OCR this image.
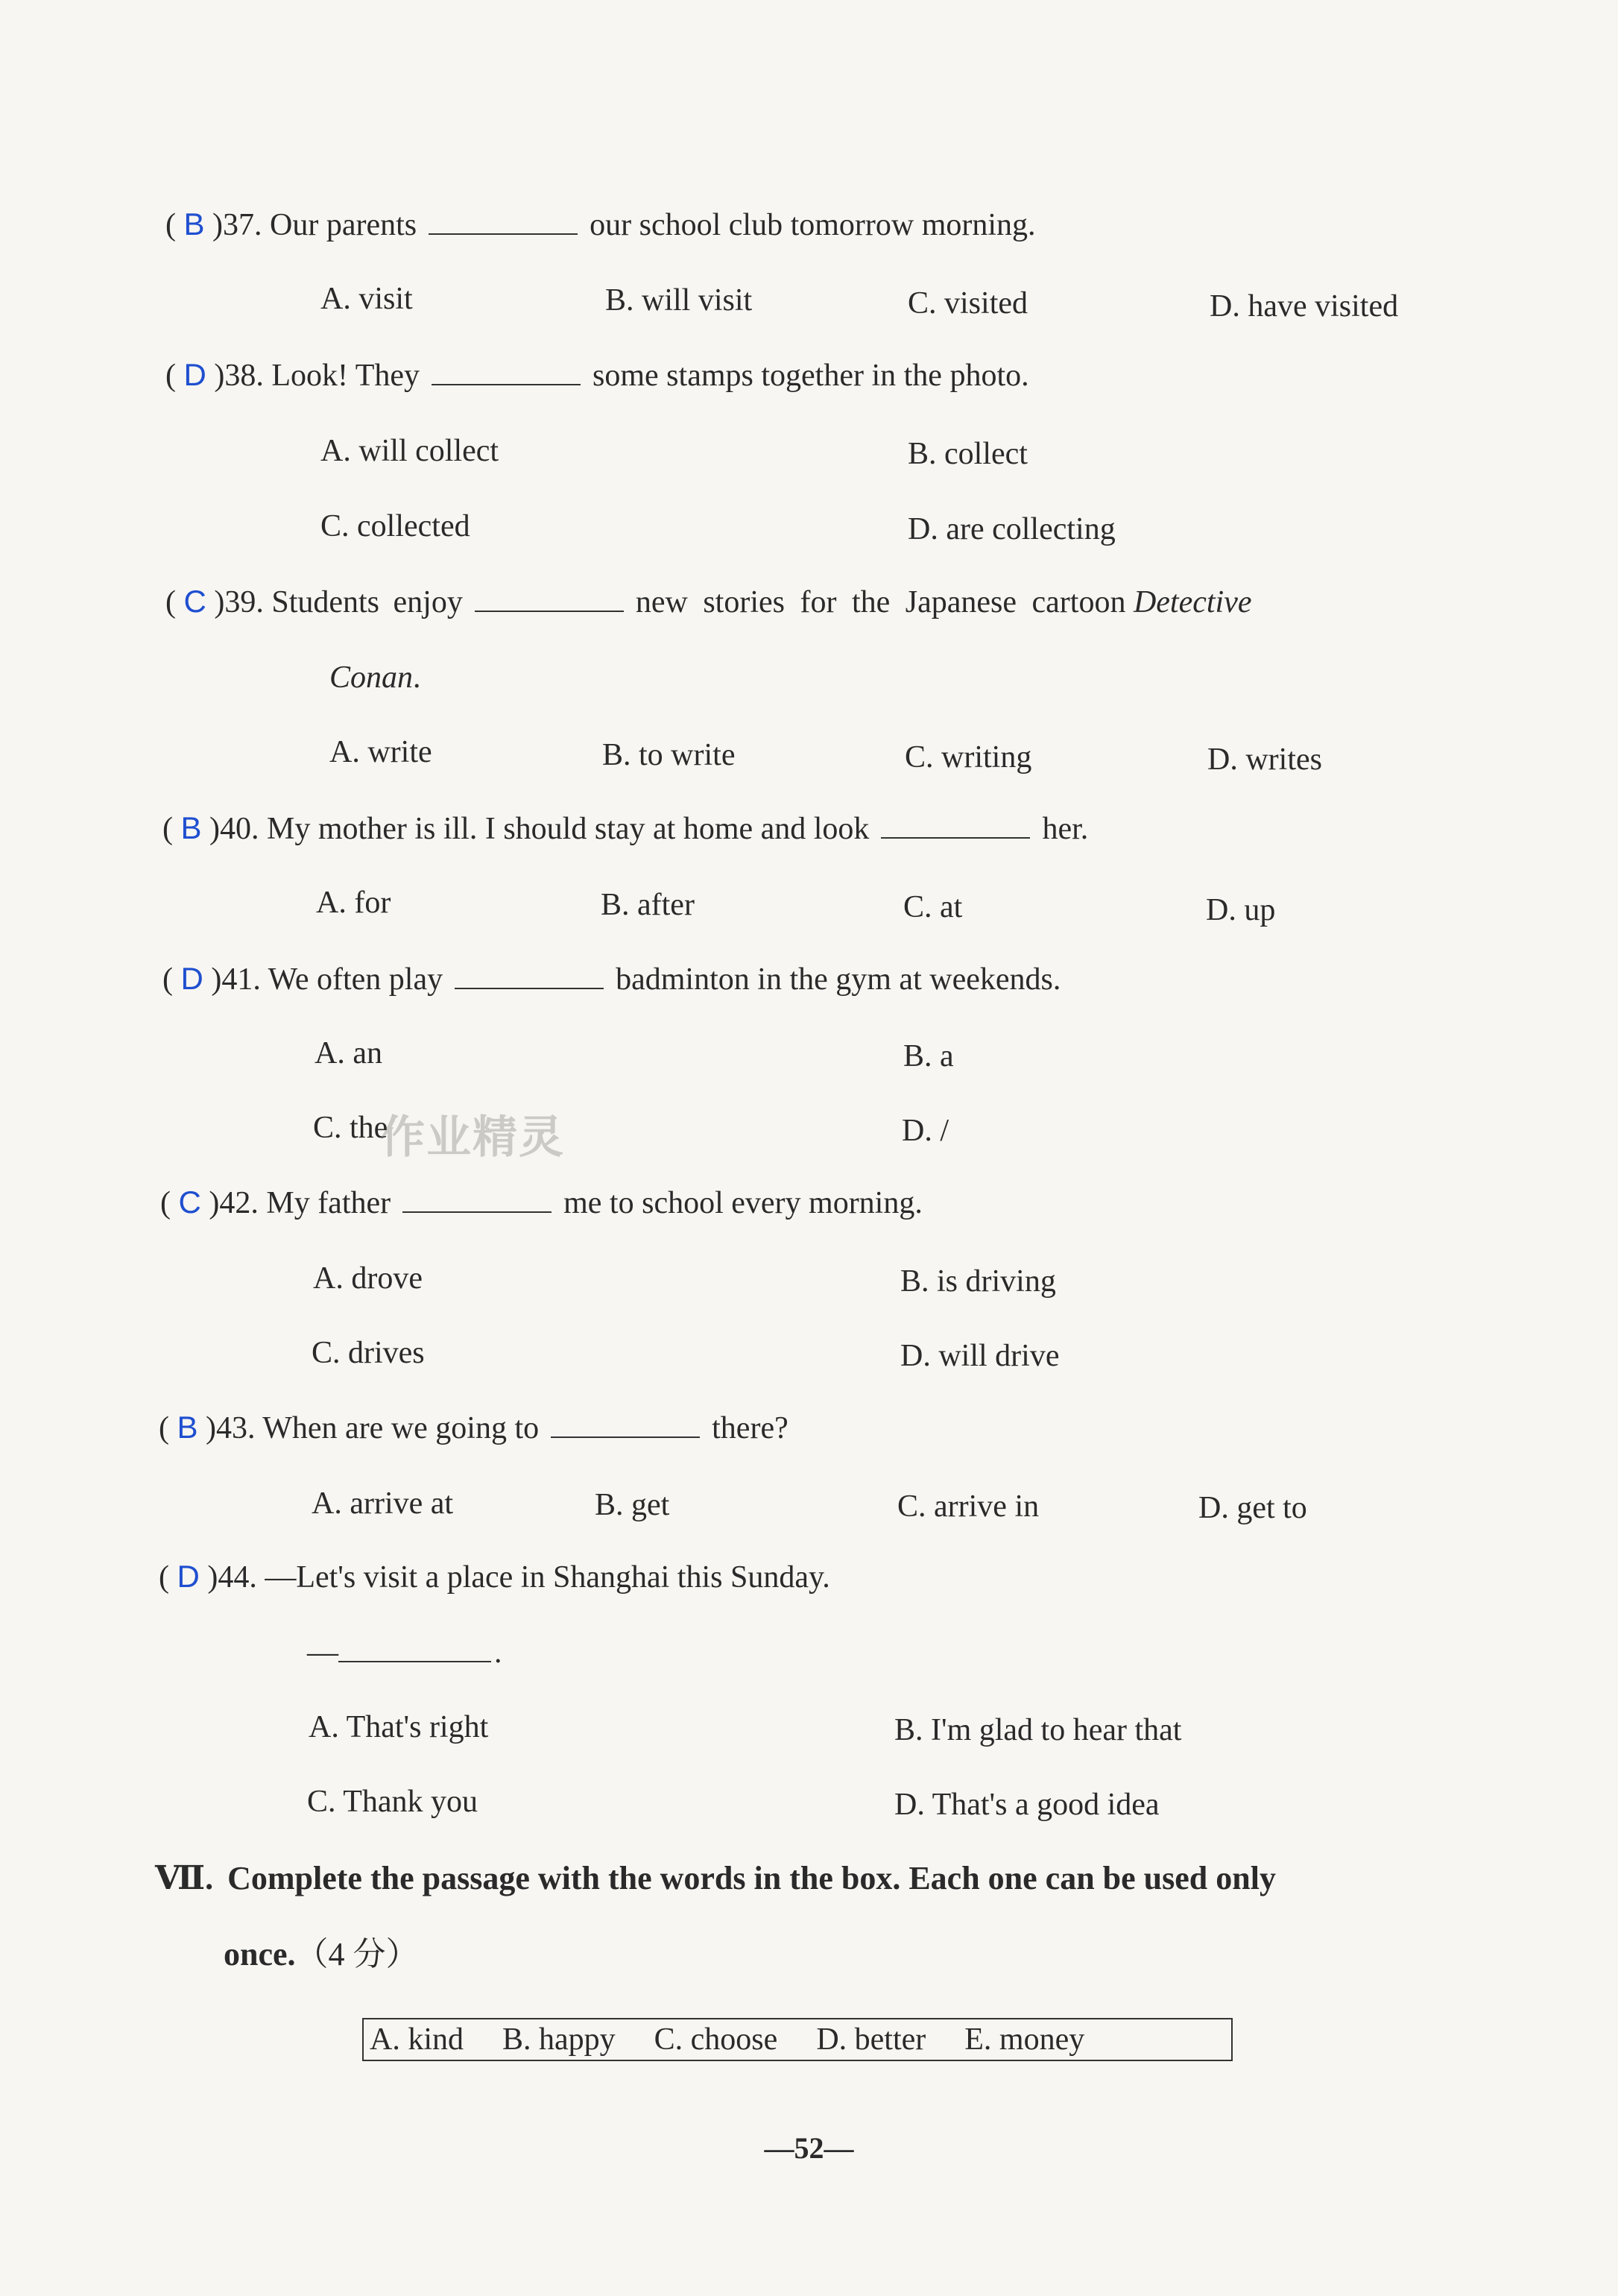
( B )37. Our parents	our school club tomorrow morning.
A. visit	B. will visit	C. visited	D. have visited
( D )38. Look! They	some stamps together in the photo.
A. will collect	B. collect
C. collected	D. are collecting
( C )39. Students enjoy	new stories for the Japanese cartoon Detective
Conan.
A. write	B. to write	C. writing	D. writes
( B )40. My mother is ill. I should stay at home and look	her.
A. for	B. after	C. at	D. up
( D )41. We often play	badminton in the gym at weekends.
A. an	B. a
C. the	D. /
作业精灵
( C )42. My father	me to school every morning.
A. drove	B. is driving
C. drives	D. will drive
( B )43. When are we going to	there?
A. arrive at	B. get	C. arrive in	D. get to
( D )44. —Let's visit a place in Shanghai this Sunday.
—	.
A. That's right	B. I'm glad to hear that
C. Thank you	D. That's a good idea
Ⅶ. Complete the passage with the words in the box. Each one can be used only
once.（4 分）
A. kind B. happy C. choose D. better E. money
—52—
